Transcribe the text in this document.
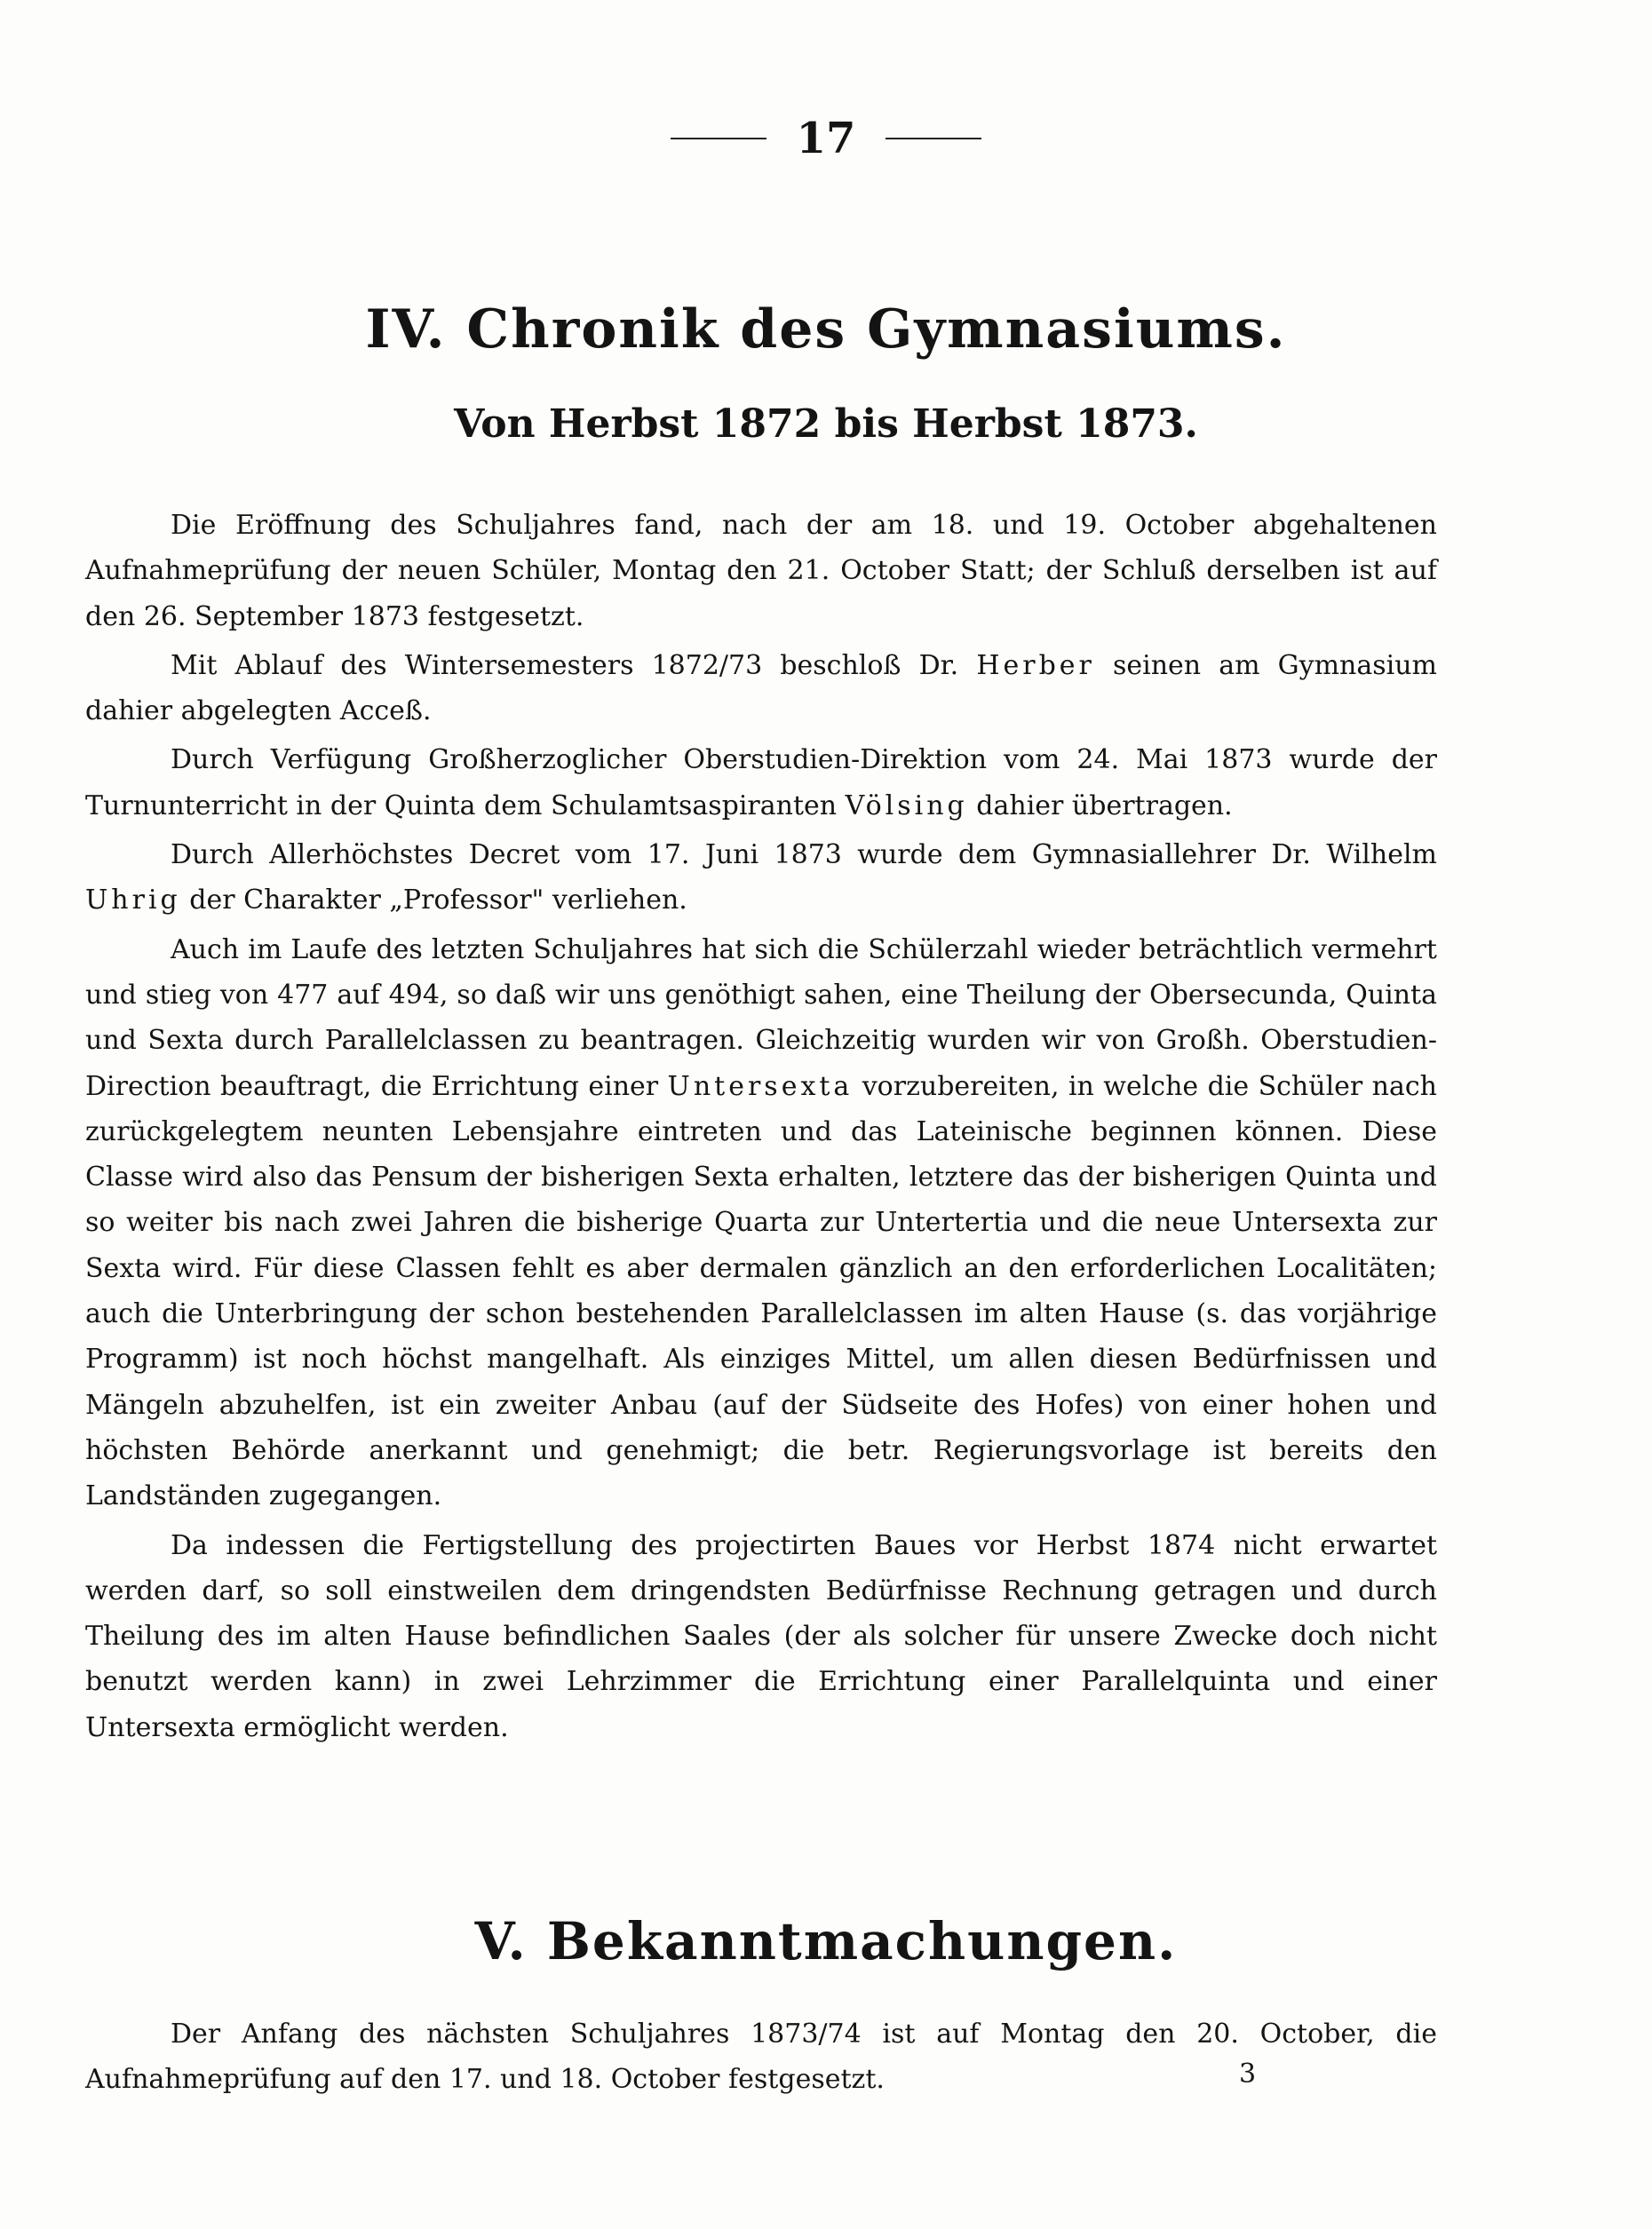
17
IV. Chronik des Gymnasiums.
Von Herbst 1872 bis Herbst 1873.

Die Eröffnung des Schuljahres fand, nach der am 18. und 19. October abgehaltenen Aufnahmeprüfung der neuen Schüler, Montag den 21. October Statt; der Schluß derselben ist auf den 26. September 1873 festgesetzt.

Mit Ablauf des Wintersemesters 1872/73 beschloß Dr. Herber seinen am Gymnasium dahier abgelegten Acceß.

Durch Verfügung Großherzoglicher Oberstudien-Direktion vom 24. Mai 1873 wurde der Turnunterricht in der Quinta dem Schulamtsaspiranten Völsing dahier übertragen.

Durch Allerhöchstes Decret vom 17. Juni 1873 wurde dem Gymnasiallehrer Dr. Wilhelm Uhrig der Charakter „Professor" verliehen.

Auch im Laufe des letzten Schuljahres hat sich die Schülerzahl wieder beträchtlich vermehrt und stieg von 477 auf 494, so daß wir uns genöthigt sahen, eine Theilung der Obersecunda, Quinta und Sexta durch Parallelclassen zu beantragen. Gleichzeitig wurden wir von Großh. Oberstudien-Direction beauftragt, die Errichtung einer Untersexta vorzubereiten, in welche die Schüler nach zurückgelegtem neunten Lebensjahre eintreten und das Lateinische beginnen können. Diese Classe wird also das Pensum der bisherigen Sexta erhalten, letztere das der bisherigen Quinta und so weiter bis nach zwei Jahren die bisherige Quarta zur Untertertia und die neue Untersexta zur Sexta wird. Für diese Classen fehlt es aber dermalen gänzlich an den erforderlichen Localitäten; auch die Unterbringung der schon bestehenden Parallelclassen im alten Hause (s. das vorjährige Programm) ist noch höchst mangelhaft. Als einziges Mittel, um allen diesen Bedürfnissen und Mängeln abzuhelfen, ist ein zweiter Anbau (auf der Südseite des Hofes) von einer hohen und höchsten Behörde anerkannt und genehmigt; die betr. Regierungsvorlage ist bereits den Landständen zugegangen.

Da indessen die Fertigstellung des projectirten Baues vor Herbst 1874 nicht erwartet werden darf, so soll einstweilen dem dringendsten Bedürfnisse Rechnung getragen und durch Theilung des im alten Hause befindlichen Saales (der als solcher für unsere Zwecke doch nicht benutzt werden kann) in zwei Lehrzimmer die Errichtung einer Parallelquinta und einer Untersexta ermöglicht werden.

V. Bekanntmachungen.

Der Anfang des nächsten Schuljahres 1873/74 ist auf Montag den 20. October, die Aufnahmeprüfung auf den 17. und 18. October festgesetzt.	3
